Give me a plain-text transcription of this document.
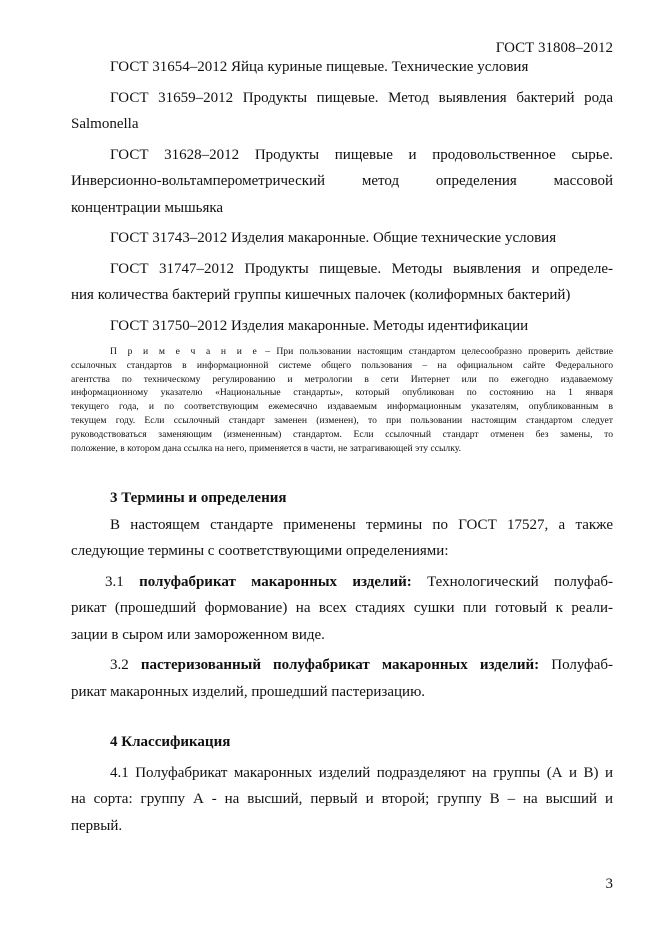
ГОСТ 31808–2012
ГОСТ 31654–2012 Яйца куриные пищевые. Технические условия
ГОСТ 31659–2012 Продукты пищевые. Метод выявления бактерий рода
Salmonella
ГОСТ 31628–2012 Продукты пищевые и продовольственное сырье.
Инверсионно-вольтамперометрический метод определения массовой
концентрации мышьяка
ГОСТ 31743–2012 Изделия макаронные. Общие технические условия
ГОСТ 31747–2012 Продукты пищевые. Методы выявления и определе-
ния количества бактерий группы кишечных палочек (колиформных бактерий)
ГОСТ 31750–2012 Изделия макаронные. Методы идентификации
П р и м е ч а н и е – При пользовании настоящим стандартом целесообразно проверить действие
ссылочных стандартов в информационной системе общего пользования – на официальном сайте Федерального
агентства по техническому регулированию и метрологии в сети Интернет или по ежегодно издаваемому
информационному указателю «Национальные стандарты», который опубликован по состоянию на 1 января
текущего года, и по соответствующим ежемесячно издаваемым информационным указателям, опубликованным в
текущем году. Если ссылочный стандарт заменен (изменен), то при пользовании настоящим стандартом следует
руководствоваться заменяющим (измененным) стандартом. Если ссылочный стандарт отменен без замены, то
положение, в котором дана ссылка на него, применяется в части, не затрагивающей эту ссылку.
3 Термины и определения
В настоящем стандарте применены термины по ГОСТ 17527, а также
следующие термины с соответствующими определениями:
3.1 полуфабрикат макаронных изделий: Технологический полуфаб-
рикат (прошедший формование) на всех стадиях сушки пли готовый к реали-
зации в сыром или замороженном виде.
3.2 пастеризованный полуфабрикат макаронных изделий: Полуфаб-
рикат макаронных изделий, прошедший пастеризацию.
4 Классификация
4.1 Полуфабрикат макаронных изделий подразделяют на группы (А и В) и
на сорта: группу А - на высший, первый и второй; группу В – на высший и
первый.
3
